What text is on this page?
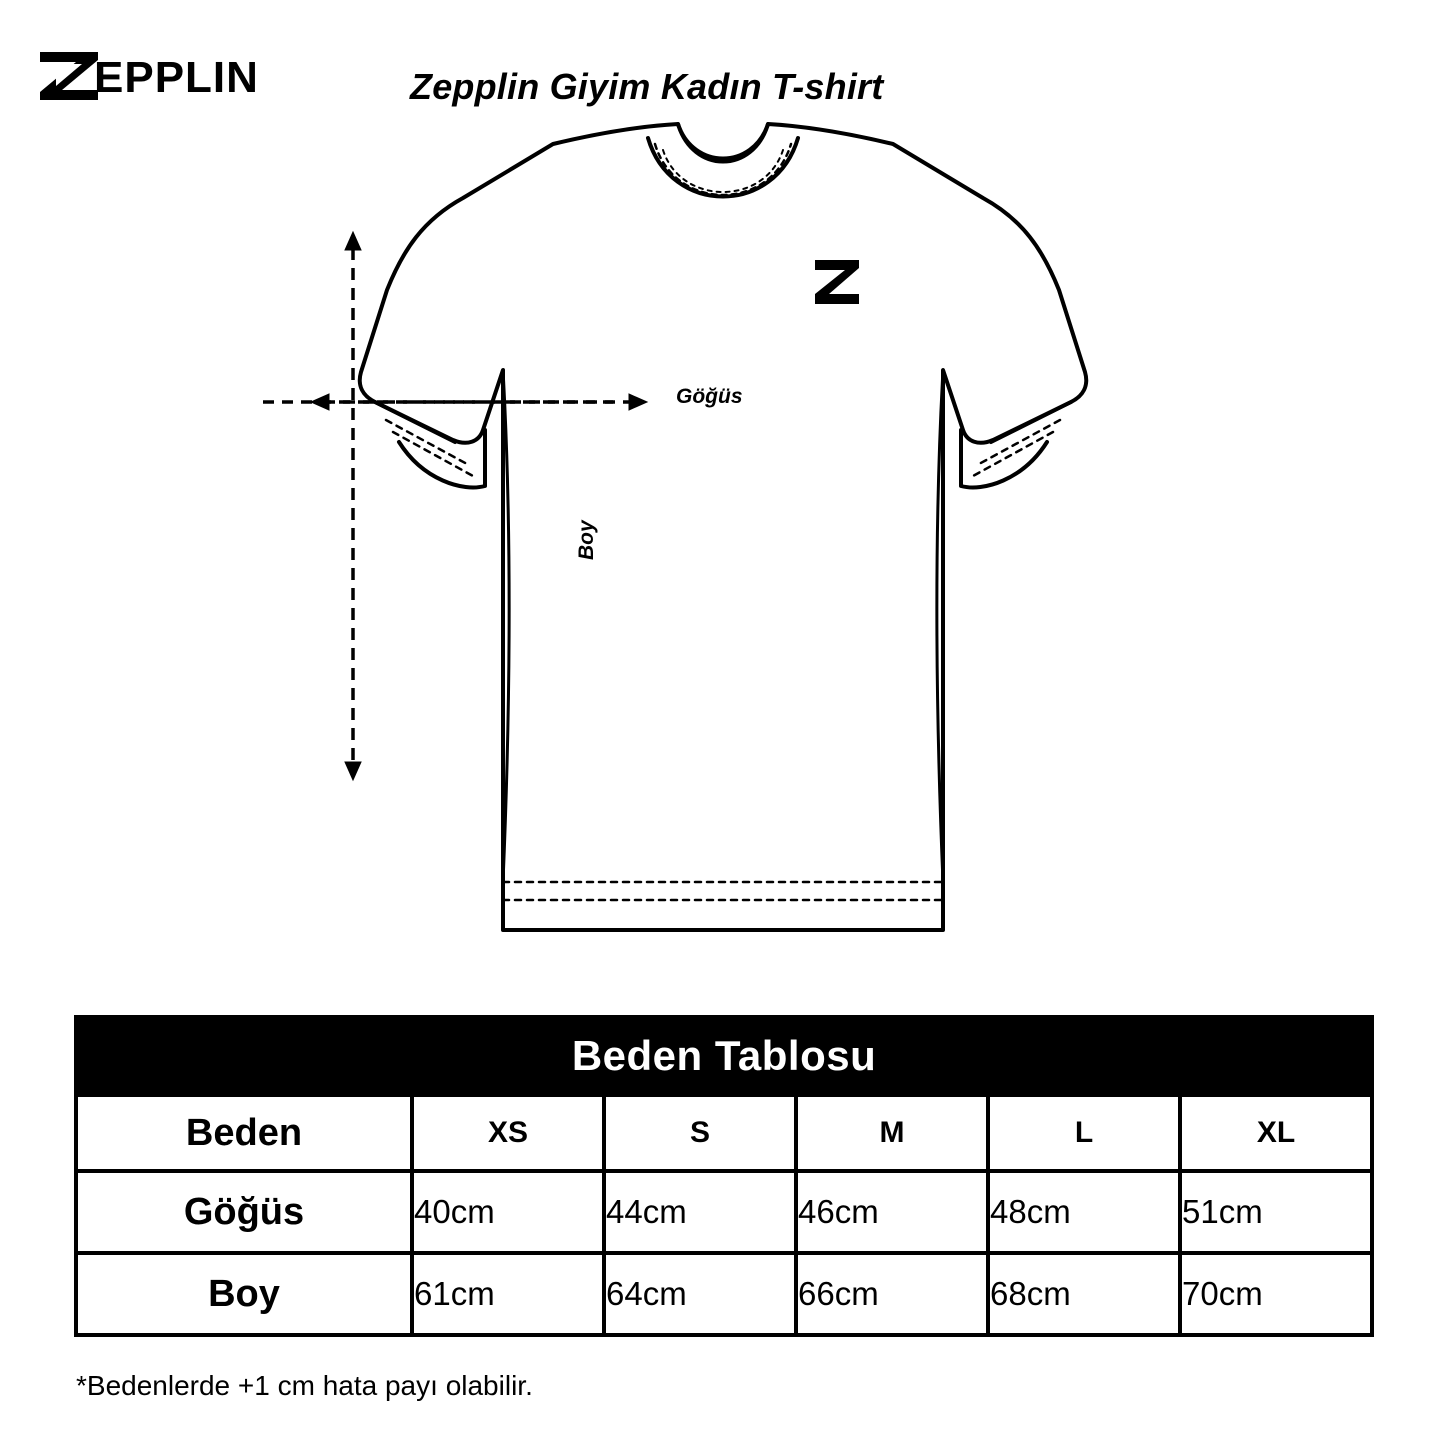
EPPLIN	Zepplin Giyim Kadın T-shirt
Göğüs
Boy
Beden Tablosu					
Beden	XS	S	M	L	XL
Göğüs	40cm	44cm	46cm	48cm	51cm
Boy	61cm	64cm	66cm	68cm	70cm
*Bedenlerde +1 cm hata payı olabilir.
